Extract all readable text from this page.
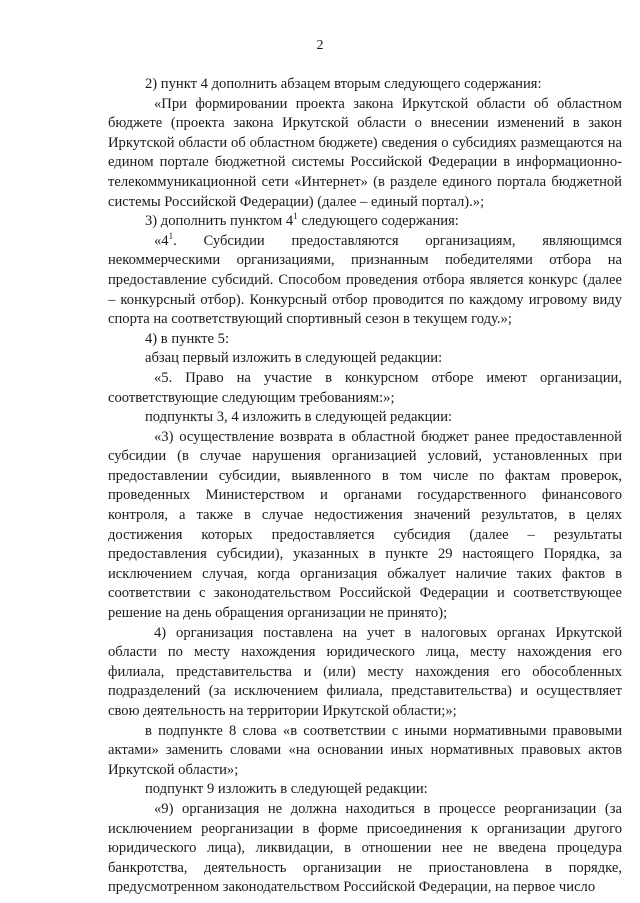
2

2) пункт 4 дополнить абзацем вторым следующего содержания:

«При формировании проекта закона Иркутской области об областном бюджете (проекта закона Иркутской области о внесении изменений в закон Иркутской области об областном бюджете) сведения о субсидиях размещаются на едином портале бюджетной системы Российской Федерации в информационно-телекоммуникационной сети «Интернет» (в разделе единого портала бюджетной системы Российской Федерации) (далее – единый портал).»;

3) дополнить пунктом $4^1$ следующего содержания:

«$4^1$. Субсидии предоставляются организациям, являющимся некоммерческими организациями, признанным победителями отбора на предоставление субсидий. Способом проведения отбора является конкурс (далее – конкурсный отбор). Конкурсный отбор проводится по каждому игровому виду спорта на соответствующий спортивный сезон в текущем году.»;

4) в пункте 5:

абзац первый изложить в следующей редакции:

«5. Право на участие в конкурсном отборе имеют организации, соответствующие следующим требованиям:»;

подпункты 3, 4 изложить в следующей редакции:

«3) осуществление возврата в областной бюджет ранее предоставленной субсидии (в случае нарушения организацией условий, установленных при предоставлении субсидии, выявленного в том числе по фактам проверок, проведенных Министерством и органами государственного финансового контроля, а также в случае недостижения значений результатов, в целях достижения которых предоставляется субсидия (далее – результаты предоставления субсидии), указанных в пункте 29 настоящего Порядка, за исключением случая, когда организация обжалует наличие таких фактов в соответствии с законодательством Российской Федерации и соответствующее решение на день обращения организации не принято);

4) организация поставлена на учет в налоговых органах Иркутской области по месту нахождения юридического лица, месту нахождения его филиала, представительства и (или) месту нахождения его обособленных подразделений (за исключением филиала, представительства) и осуществляет свою деятельность на территории Иркутской области;»;

в подпункте 8 слова «в соответствии с иными нормативными правовыми актами» заменить словами «на основании иных нормативных правовых актов Иркутской области»;

подпункт 9 изложить в следующей редакции:

«9) организация не должна находиться в процессе реорганизации (за исключением реорганизации в форме присоединения к организации другого юридического лица), ликвидации, в отношении нее не введена процедура банкротства, деятельность организации не приостановлена в порядке, предусмотренном законодательством Российской Федерации, на первое число
